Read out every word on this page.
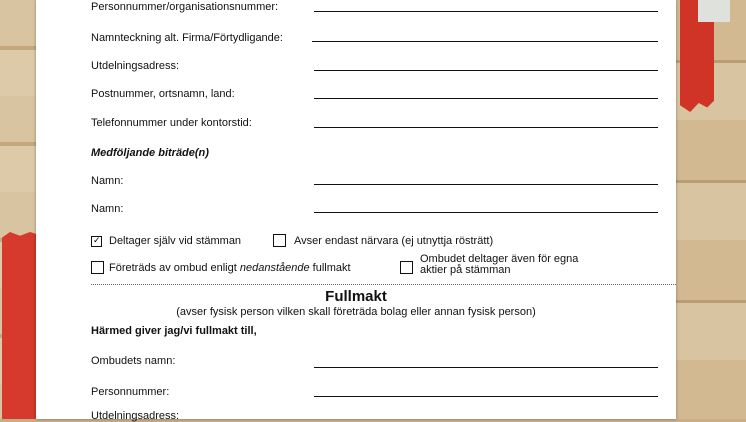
Personnummer/organisationsnummer:
Namnteckning alt. Firma/Förtydligande:
Utdelningsadress:
Postnummer, ortsnamn, land:
Telefonnummer under kontorstid:
Medföljande biträde(n)
Namn:
Namn:
✓ Deltager själv vid stämman	Avser endast närvara (ej utnyttja rösträtt)
Företräds av ombud enligt nedanstående fullmakt
Ombudet deltager även för egna
aktier på stämman
Fullmakt
(avser fysisk person vilken skall företräda bolag eller annan fysisk person)
Härmed giver jag/vi fullmakt till,
Ombudets namn:
Personnummer:
Utdelningsadress:
